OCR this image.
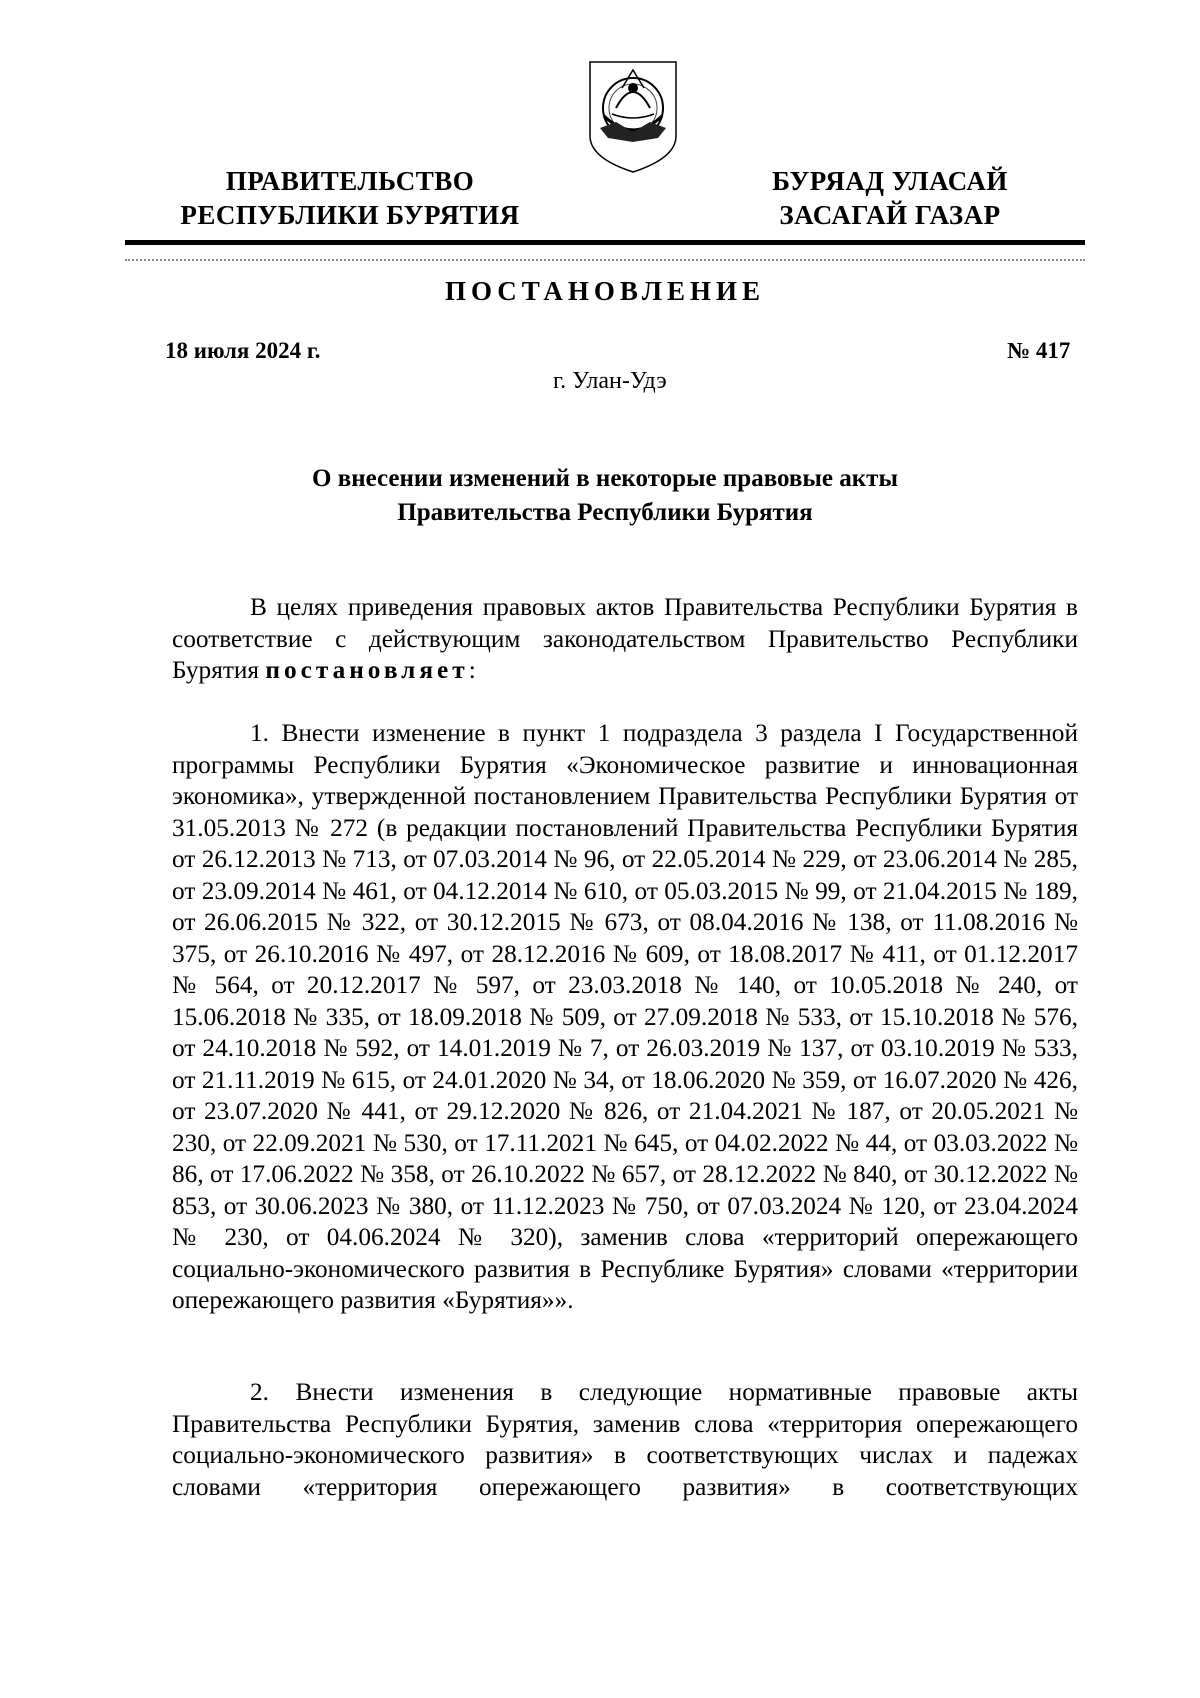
ПРАВИТЕЛЬСТВО
РЕСПУБЛИКИ БУРЯТИЯ
БУРЯАД УЛАСАЙ
ЗАСАГАЙ ГАЗАР
ПОСТАНОВЛЕНИЕ
18 июля 2024 г.	№ 417
г. Улан-Удэ
О внесении изменений в некоторые правовые акты
Правительства Республики Бурятия

В целях приведения правовых актов Правительства Республики Бурятия в соответствие с действующим законодательством Правительство Республики Бурятия постановляет:

1. Внести изменение в пункт 1 подраздела 3 раздела I Государственной программы Республики Бурятия «Экономическое развитие и инновационная экономика», утвержденной постановлением Правительства Республики Бурятия от 31.05.2013 № 272 (в редакции постановлений Правительства Республики Бурятия от 26.12.2013 № 713, от 07.03.2014 № 96, от 22.05.2014 № 229, от 23.06.2014 № 285, от 23.09.2014 № 461, от 04.12.2014 № 610, от 05.03.2015 № 99, от 21.04.2015 № 189, от 26.06.2015 № 322, от 30.12.2015 № 673, от 08.04.2016 № 138, от 11.08.2016 № 375, от 26.10.2016 № 497, от 28.12.2016 № 609, от 18.08.2017 № 411, от 01.12.2017 № 564, от 20.12.2017 № 597, от 23.03.2018 № 140, от 10.05.2018 № 240, от 15.06.2018 № 335, от 18.09.2018 № 509, от 27.09.2018 № 533, от 15.10.2018 № 576, от 24.10.2018 № 592, от 14.01.2019 № 7, от 26.03.2019 № 137, от 03.10.2019 № 533, от 21.11.2019 № 615, от 24.01.2020 № 34, от 18.06.2020 № 359, от 16.07.2020 № 426, от 23.07.2020 № 441, от 29.12.2020 № 826, от 21.04.2021 № 187, от 20.05.2021 № 230, от 22.09.2021 № 530, от 17.11.2021 № 645, от 04.02.2022 № 44, от 03.03.2022 № 86, от 17.06.2022 № 358, от 26.10.2022 № 657, от 28.12.2022 № 840, от 30.12.2022 № 853, от 30.06.2023 № 380, от 11.12.2023 № 750, от 07.03.2024 № 120, от 23.04.2024 № 230, от 04.06.2024 № 320), заменив слова «территорий опережающего социально-экономического развития в Республике Бурятия» словами «территории опережающего развития «Бурятия»».

2. Внести изменения в следующие нормативные правовые акты Правительства Республики Бурятия, заменив слова «территория опережающего социально-экономического развития» в соответствующих числах и падежах словами «территория опережающего развития» в соответствующих
